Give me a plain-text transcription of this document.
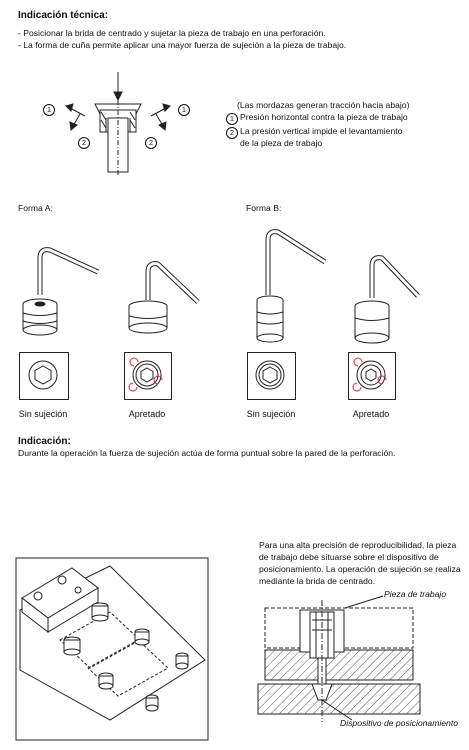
Indicación técnica:
- Posicionar la brida de centrado y sujetar la pieza de trabajo en una perforación.
- La forma de cuña permite aplicar una mayor fuerza de sujeción a la pieza de trabajo.
1
2
1
2
(Las mordazas generan tracción hacia abajo)
1 Presión horizontal contra la pieza de trabajo
2 La presión vertical impide el levantamiento
de la pieza de trabajo
Forma A:	Forma B:
Sin sujeción	Apretado	Sin sujeción	Apretado
Indicación:
Durante la operación la fuerza de sujeción actúa de forma puntual sobre la pared de la perforación.
Para una alta precisión de reproducibilidad, la pieza
de trabajo debe situarse sobre el dispositivo de
posicionamiento. La operación de sujeción se realiza
mediante la brida de centrado.
Pieza de trabajo
Dispositivo de posicionamiento
